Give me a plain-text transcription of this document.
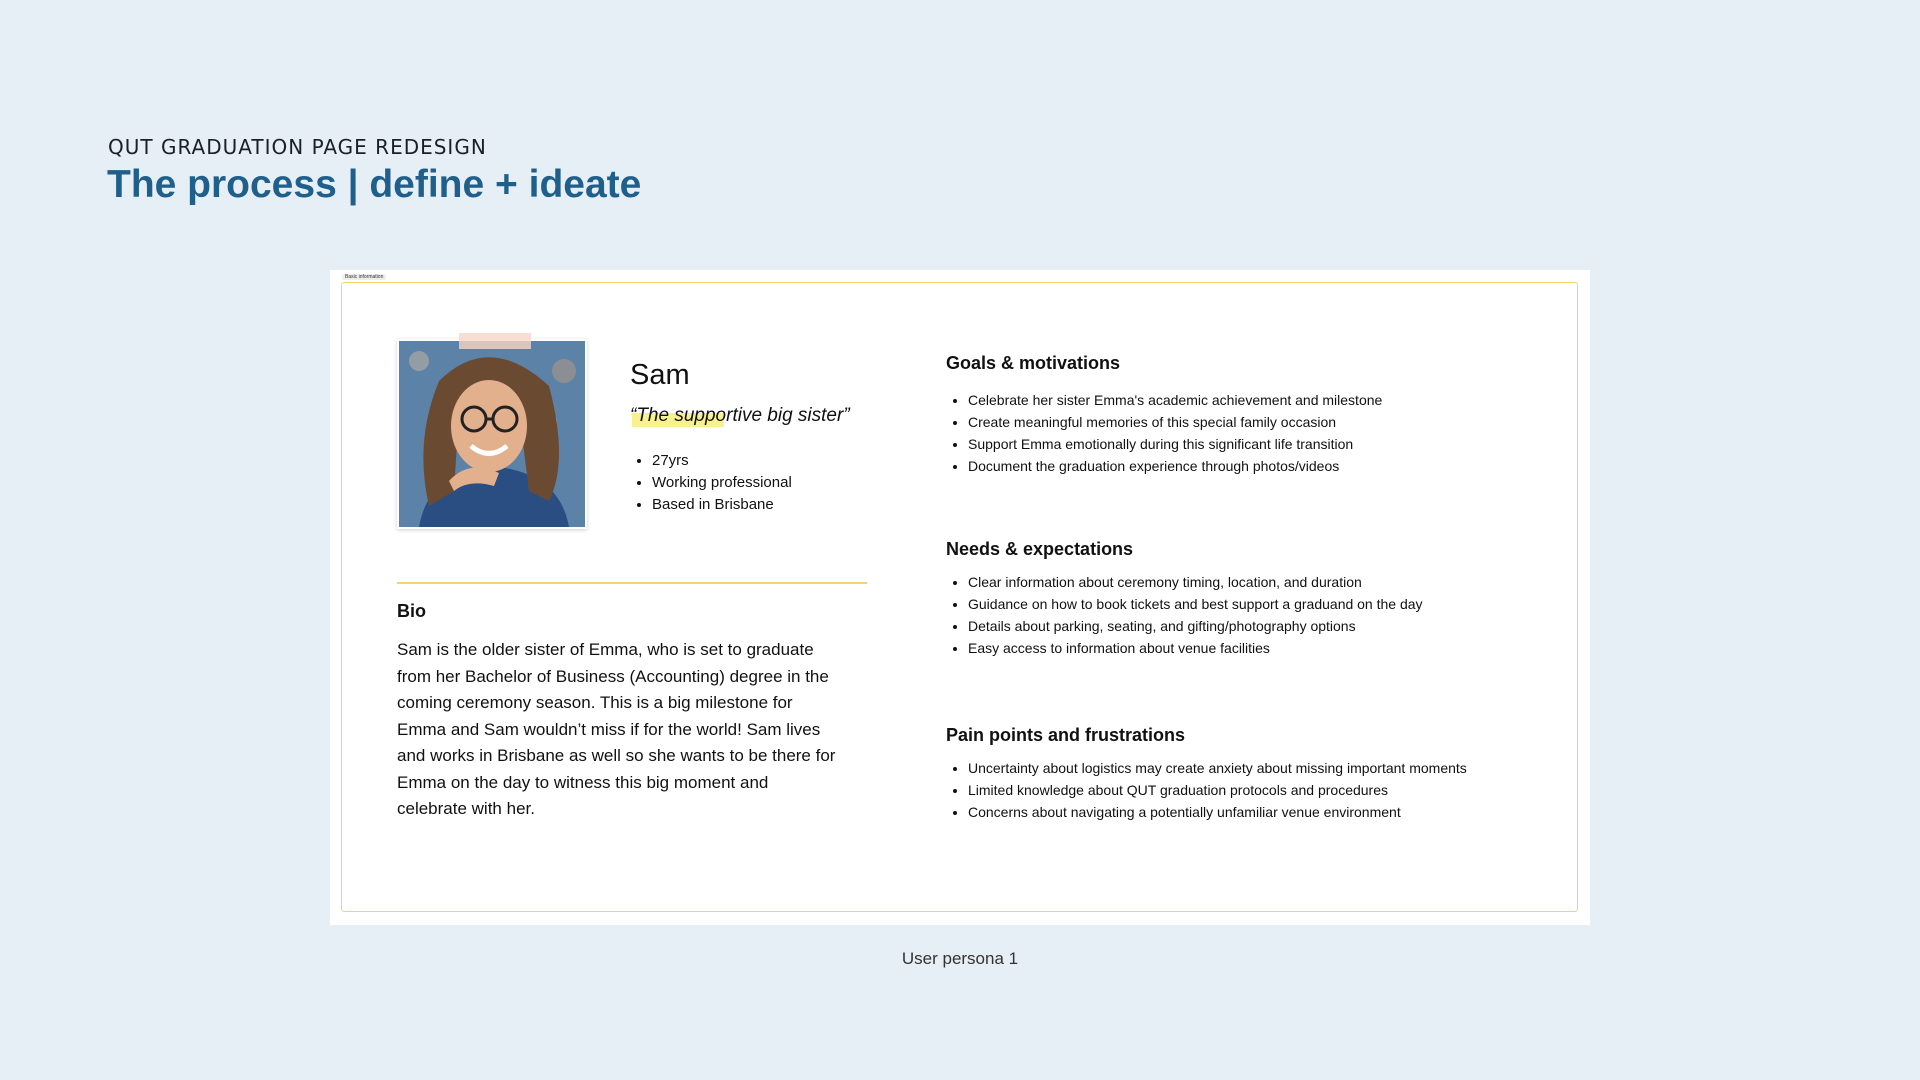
QUT GRADUATION PAGE REDESIGN
The process | define + ideate
Basic information
Sam
“The supportive big sister”
• 27yrs
• Working professional
• Based in Brisbane
Bio

Sam is the older sister of Emma, who is set to graduate from her Bachelor of Business (Accounting) degree in the coming ceremony season. This is a big milestone for Emma and Sam wouldn’t miss if for the world! Sam lives and works in Brisbane as well so she wants to be there for Emma on the day to witness this big moment and celebrate with her.

Goals & motivations
• Celebrate her sister Emma's academic achievement and milestone
• Create meaningful memories of this special family occasion
• Support Emma emotionally during this significant life transition
• Document the graduation experience through photos/videos
Needs & expectations
• Clear information about ceremony timing, location, and duration
• Guidance on how to book tickets and best support a graduand on the day
• Details about parking, seating, and gifting/photography options
• Easy access to information about venue facilities
Pain points and frustrations
• Uncertainty about logistics may create anxiety about missing important moments
• Limited knowledge about QUT graduation protocols and procedures
• Concerns about navigating a potentially unfamiliar venue environment
User persona 1
